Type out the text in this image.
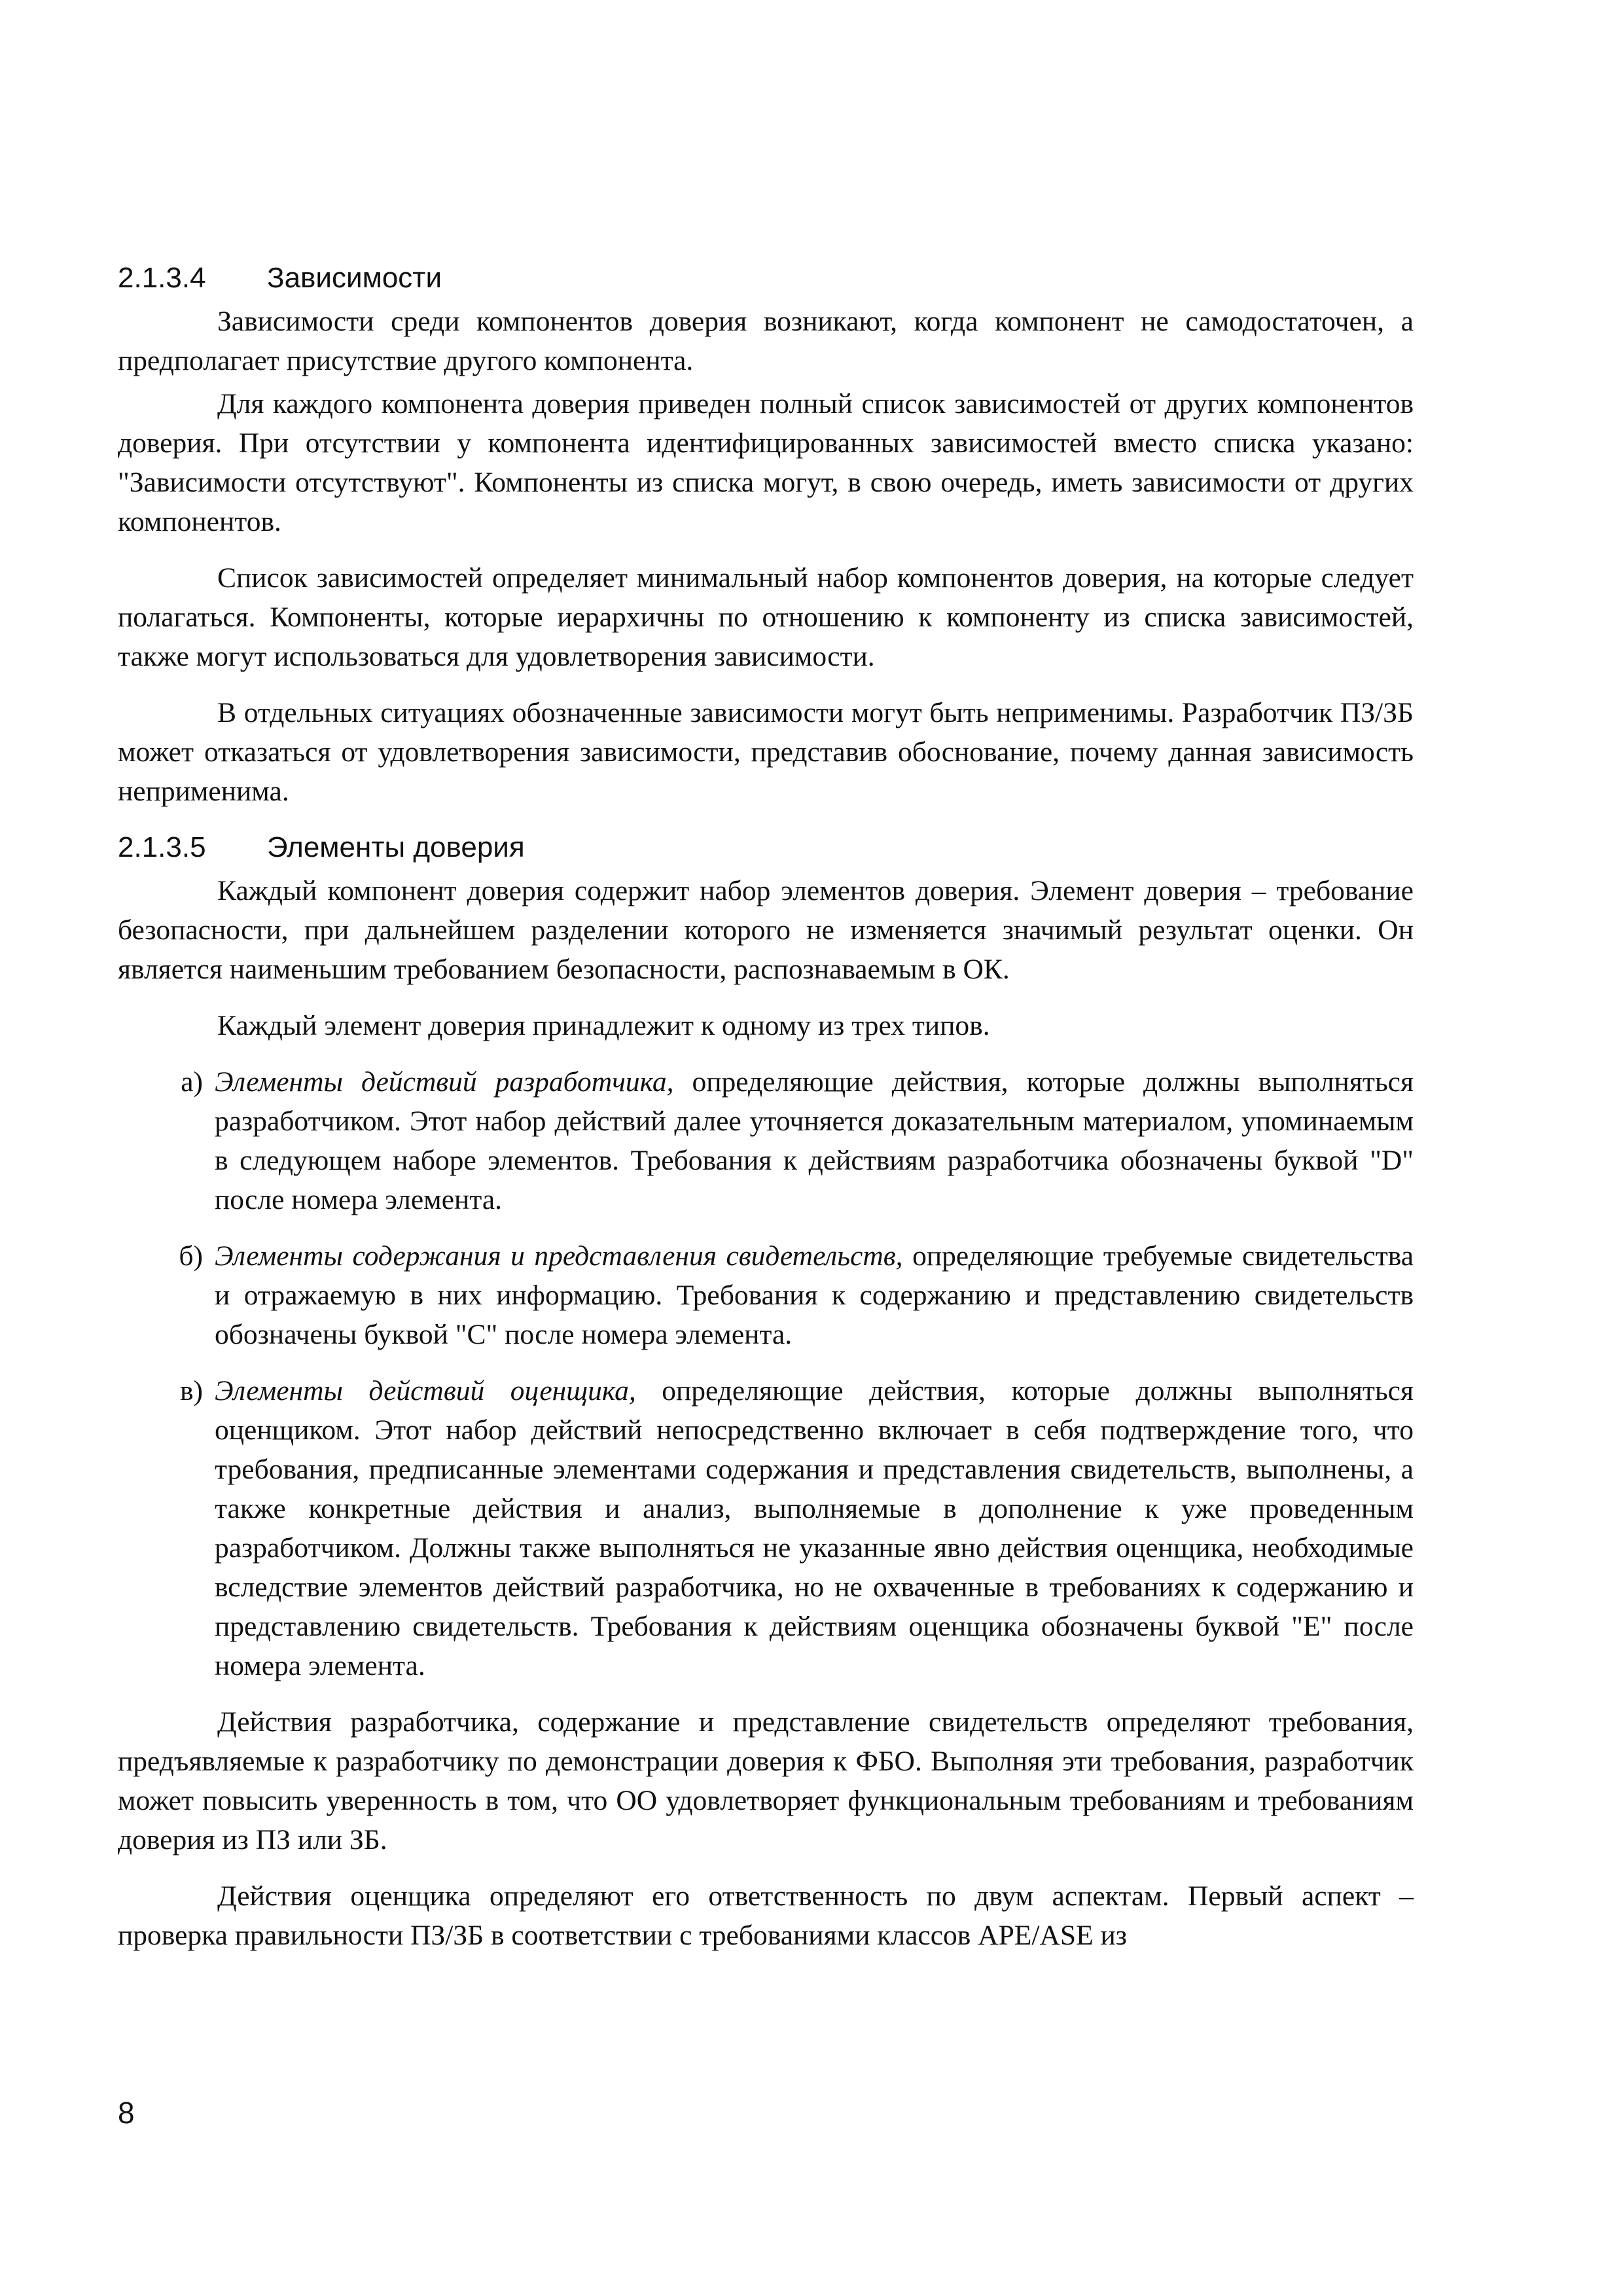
2.1.3.4	Зависимости

Зависимости среди компонентов доверия возникают, когда компонент не самодостаточен, а предполагает присутствие другого компонента.

Для каждого компонента доверия приведен полный список зависимостей от других компонентов доверия. При отсутствии у компонента идентифицированных зависимостей вместо списка указано: "Зависимости отсутствуют". Компоненты из списка могут, в свою очередь, иметь зависимости от других компонентов.

Список зависимостей определяет минимальный набор компонентов доверия, на которые следует полагаться. Компоненты, которые иерархичны по отношению к компоненту из списка зависимостей, также могут использоваться для удовлетворения зависимости.

В отдельных ситуациях обозначенные зависимости могут быть неприменимы. Разработчик ПЗ/ЗБ может отказаться от удовлетворения зависимости, представив обоснование, почему данная зависимость неприменима.

2.1.3.5	Элементы доверия

Каждый компонент доверия содержит набор элементов доверия. Элемент доверия – требование безопасности, при дальнейшем разделении которого не изменяется значимый результат оценки. Он является наименьшим требованием безопасности, распознаваемым в ОК.

Каждый элемент доверия принадлежит к одному из трех типов.

а) Элементы действий разработчика, определяющие действия, которые должны выполняться разработчиком. Этот набор действий далее уточняется доказательным материалом, упоминаемым в следующем наборе элементов. Требования к действиям разработчика обозначены буквой "D" после номера элемента.
б) Элементы содержания и представления свидетельств, определяющие требуемые свидетельства и отражаемую в них информацию. Требования к содержанию и представлению свидетельств обозначены буквой "C" после номера элемента.
в) Элементы действий оценщика, определяющие действия, которые должны выполняться оценщиком. Этот набор действий непосредственно включает в себя подтверждение того, что требования, предписанные элементами содержания и представления свидетельств, выполнены, а также конкретные действия и анализ, выполняемые в дополнение к уже проведенным разработчиком. Должны также выполняться не указанные явно действия оценщика, необходимые вследствие элементов действий разработчика, но не охваченные в требованиях к содержанию и представлению свидетельств. Требования к действиям оценщика обозначены буквой "E" после номера элемента.

Действия разработчика, содержание и представление свидетельств определяют требования, предъявляемые к разработчику по демонстрации доверия к ФБО. Выполняя эти требования, разработчик может повысить уверенность в том, что ОО удовлетворяет функциональным требованиям и требованиям доверия из ПЗ или ЗБ.

Действия оценщика определяют его ответственность по двум аспектам. Первый аспект – проверка правильности ПЗ/ЗБ в соответствии с требованиями классов APE/ASE из

8
